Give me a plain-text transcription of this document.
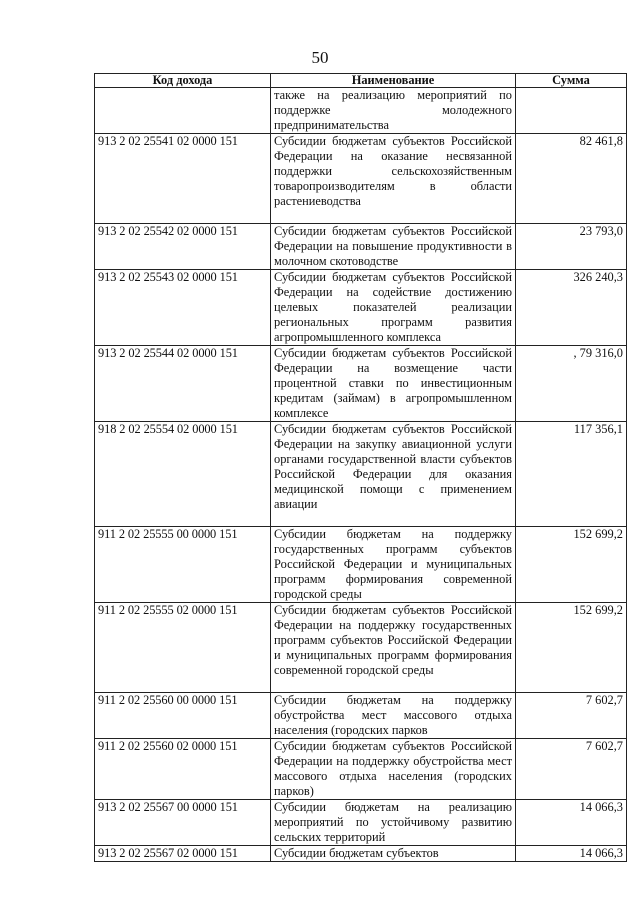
50
Код дохода	Наименование	Сумма
	также на реализацию мероприятий по поддержке молодежного предпринимательства	
913 2 02 25541 02 0000 151	Субсидии бюджетам субъектов Российской Федерации на оказание несвязанной поддержки сельскохозяйственным товаропроизводителям в области растениеводства	82 461,8
913 2 02 25542 02 0000 151	Субсидии бюджетам субъектов Российской Федерации на повышение продуктивности в молочном скотоводстве	23 793,0
913 2 02 25543 02 0000 151	Субсидии бюджетам субъектов Российской Федерации на содействие достижению целевых показателей реализации региональных программ развития агропромышленного комплекса	326 240,3
913 2 02 25544 02 0000 151	Субсидии бюджетам субъектов Российской Федерации на возмещение части процентной ставки по инвестиционным кредитам (займам) в агропромышленном комплексе	, 79 316,0
918 2 02 25554 02 0000 151	Субсидии бюджетам субъектов Российской Федерации на закупку авиационной услуги органами государственной власти субъектов Российской Федерации для оказания медицинской помощи с применением авиации	117 356,1
911 2 02 25555 00 0000 151	Субсидии бюджетам на поддержку государственных программ субъектов Российской Федерации и муниципальных программ формирования современной городской среды	152 699,2
911 2 02 25555 02 0000 151	Субсидии бюджетам субъектов Российской Федерации на поддержку государственных программ субъектов Российской Федерации и муниципальных программ формирования современной городской среды	152 699,2
911 2 02 25560 00 0000 151	Субсидии бюджетам на поддержку обустройства мест массового отдыха населения (городских парков	7 602,7
911 2 02 25560 02 0000 151	Субсидии бюджетам субъектов Российской Федерации на поддержку обустройства мест массового отдыха населения (городских парков)	7 602,7
913 2 02 25567 00 0000 151	Субсидии бюджетам на реализацию мероприятий по устойчивому развитию сельских территорий	14 066,3
913 2 02 25567 02 0000 151	Субсидии бюджетам субъектов	14 066,3
